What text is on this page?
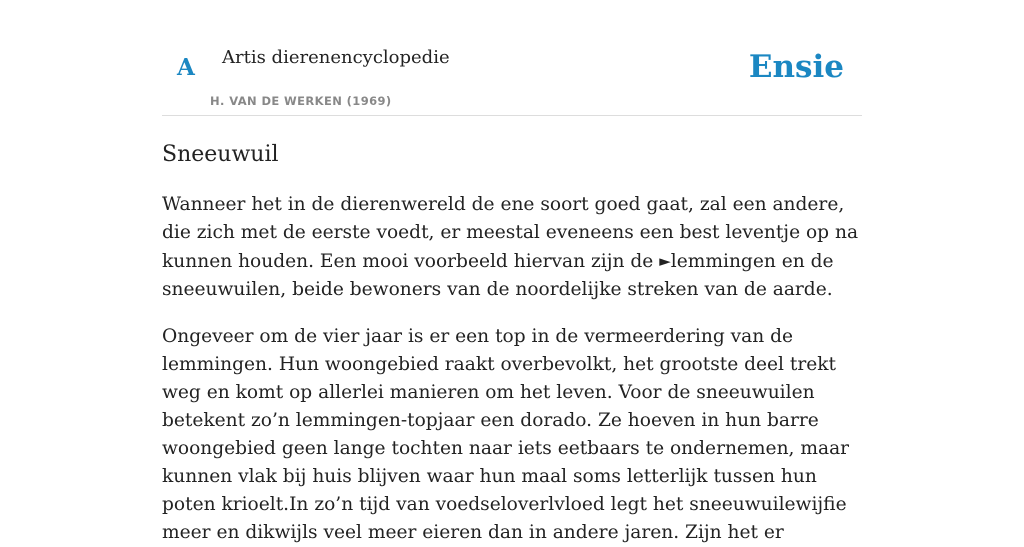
A Artis dierenencyclopedie
H. VAN DE WERKEN (1969)
Ensie
Sneeuwuil

Wanneer het in de dierenwereld de ene soort goed gaat, zal een andere, die zich met de eerste voedt, er meestal eveneens een best leventje op na kunnen houden. Een mooi voorbeeld hiervan zijn de ►lemmingen en de sneeuwuilen, beide bewoners van de noordelijke streken van de aarde.

Ongeveer om de vier jaar is er een top in de vermeerdering van de lemmingen. Hun woongebied raakt overbevolkt, het grootste deel trekt weg en komt op allerlei manieren om het leven. Voor de sneeuwuilen betekent zo’n lemmingen-topjaar een dorado. Ze hoeven in hun barre woongebied geen lange tochten naar iets eetbaars te ondernemen, maar kunnen vlak bij huis blijven waar hun maal soms letterlijk tussen hun poten krioelt.In zo’n tijd van voedseloverlvloed legt het sneeuwuilewijfie meer en dikwijls veel meer eieren dan in andere jaren. Zijn het er
